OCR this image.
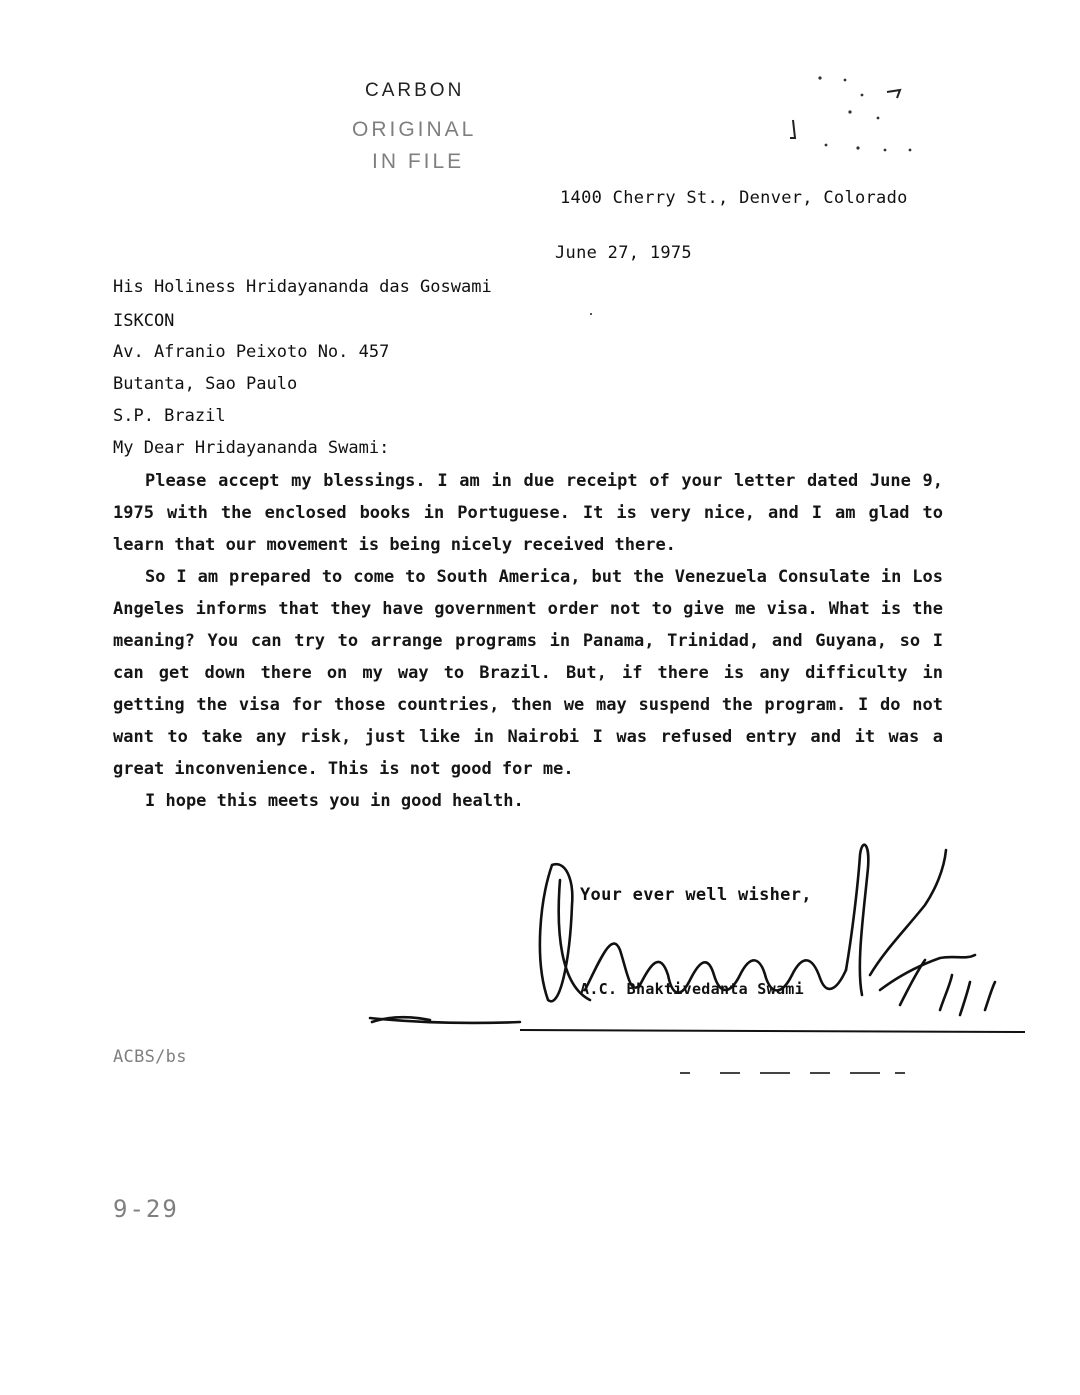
CARBON
ORIGINAL
IN FILE
1400 Cherry St., Denver, Colorado
June 27, 1975
His Holiness Hridayananda das Goswami
ISKCON
Av. Afranio Peixoto No. 457
Butanta, Sao Paulo
S.P. Brazil
My Dear Hridayananda Swami:
Please accept my blessings. I am in due receipt of your letter dated June 9, 1975 with the enclosed books in Portuguese. It is very nice, and I am glad to learn that our movement is being nicely received there.
So I am prepared to come to South America, but the Venezuela Consulate in Los Angeles informs that they have government order not to give me visa. What is the meaning? You can try to arrange programs in Panama, Trinidad, and Guyana, so I can get down there on my way to Brazil. But, if there is any difficulty in getting the visa for those countries, then we may suspend the program. I do not want to take any risk, just like in Nairobi I was refused entry and it was a great inconvenience. This is not good for me.
I hope this meets you in good health.
Your ever well wisher,
A.C. Bhaktivedanta Swami
ACBS/bs
9-29
